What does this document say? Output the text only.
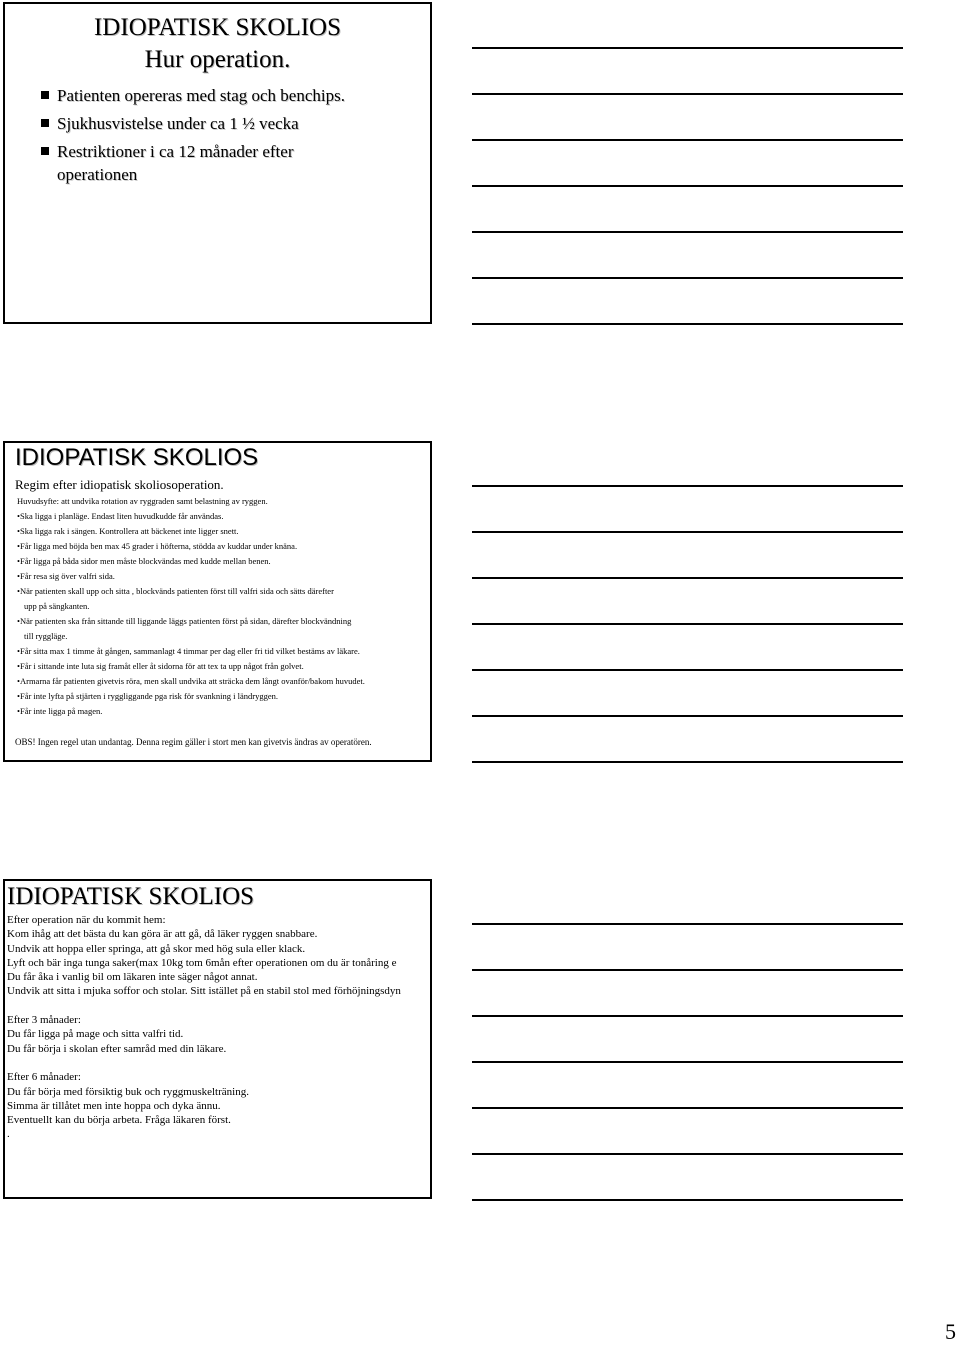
IDIOPATISK SKOLIOS
Hur operation.
Patienten opereras med stag och benchips.
Sjukhusvistelse under ca 1 ½ vecka
Restriktioner i ca 12 månader efter operationen
IDIOPATISK SKOLIOS
Regim efter idiopatisk skoliosoperation.
Huvudsyfte: att undvika rotation av ryggraden samt belastning av ryggen.
•Ska ligga i planläge. Endast liten huvudkudde får användas.
•Ska ligga rak i sängen. Kontrollera att bäckenet inte ligger snett.
•Får ligga med böjda ben max 45 grader i höfterna, stödda av kuddar under knäna.
•Får ligga på båda sidor men måste blockvändas med kudde mellan benen.
•Får resa sig över valfri sida.
•När patienten skall upp och sitta , blockvänds patienten först till valfri sida och sätts därefter
upp på sängkanten.
•När patienten ska från sittande till liggande läggs patienten först på sidan, därefter blockvändning
till ryggläge.
•Får sitta max 1 timme åt gången, sammanlagt 4 timmar per dag eller fri tid vilket bestäms av läkare.
•Får i sittande inte luta sig framåt eller åt sidorna för att tex ta upp något från golvet.
•Armarna får patienten givetvis röra, men skall undvika att sträcka dem långt ovanför/bakom huvudet.
•Får inte lyfta på stjärten i ryggliggande pga risk för svankning i ländryggen.
•Får inte ligga på magen.
OBS! Ingen regel utan undantag. Denna regim gäller i stort men kan givetvis ändras av operatören.
IDIOPATISK SKOLIOS
Efter operation när du kommit hem:
Kom ihåg att det bästa du kan göra är att gå, då läker ryggen snabbare.
Undvik att hoppa eller springa, att gå skor med hög sula eller klack.
Lyft och bär inga tunga saker(max 10kg tom 6mån efter operationen om du är tonåring e
Du får åka i vanlig bil om läkaren inte säger något annat.
Undvik att sitta i mjuka soffor och stolar. Sitt istället på en stabil stol med förhöjningsdyn
Efter 3 månader:
Du får ligga på mage och sitta valfri tid.
Du får börja i skolan efter samråd med din läkare.
Efter 6 månader:
Du får börja med försiktig buk och ryggmuskelträning.
Simma är tillåtet men inte hoppa och dyka ännu.
Eventuellt kan du börja arbeta. Fråga läkaren först.
.
5
